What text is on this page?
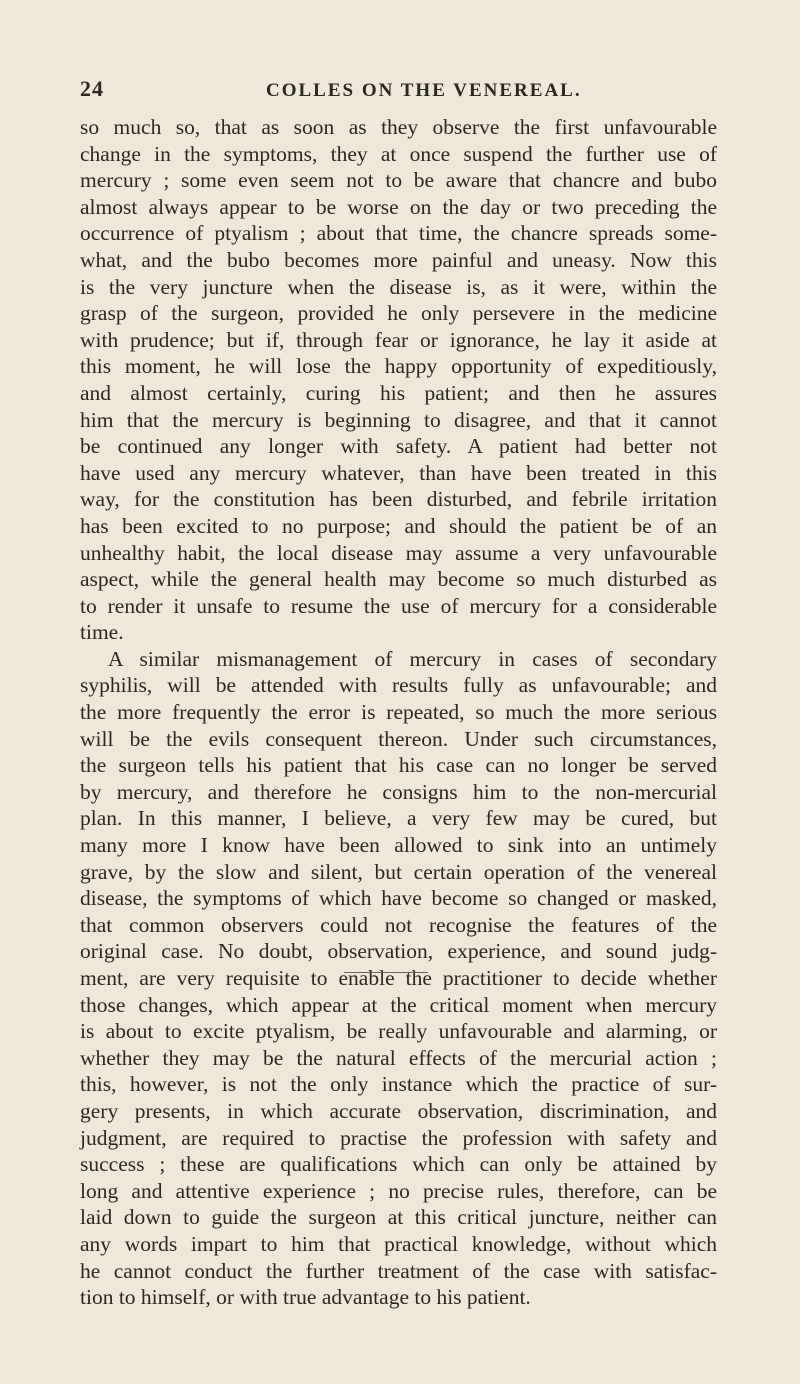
24	COLLES ON THE VENEREAL.
so much so, that as soon as they observe the first unfavourable
change in the symptoms, they at once suspend the further use of
mercury ; some even seem not to be aware that chancre and bubo
almost always appear to be worse on the day or two preceding the
occurrence of ptyalism ; about that time, the chancre spreads some-
what, and the bubo becomes more painful and uneasy. Now this
is the very juncture when the disease is, as it were, within the
grasp of the surgeon, provided he only persevere in the medicine
with prudence; but if, through fear or ignorance, he lay it aside at
this moment, he will lose the happy opportunity of expeditiously,
and almost certainly, curing his patient; and then he assures
him that the mercury is beginning to disagree, and that it cannot
be continued any longer with safety. A patient had better not
have used any mercury whatever, than have been treated in this
way, for the constitution has been disturbed, and febrile irritation
has been excited to no purpose; and should the patient be of an
unhealthy habit, the local disease may assume a very unfavourable
aspect, while the general health may become so much disturbed as
to render it unsafe to resume the use of mercury for a considerable
time.
A similar mismanagement of mercury in cases of secondary
syphilis, will be attended with results fully as unfavourable; and
the more frequently the error is repeated, so much the more serious
will be the evils consequent thereon. Under such circumstances,
the surgeon tells his patient that his case can no longer be served
by mercury, and therefore he consigns him to the non-mercurial
plan. In this manner, I believe, a very few may be cured, but
many more I know have been allowed to sink into an untimely
grave, by the slow and silent, but certain operation of the venereal
disease, the symptoms of which have become so changed or masked,
that common observers could not recognise the features of the
original case. No doubt, observation, experience, and sound judg-
ment, are very requisite to enable the practitioner to decide whether
those changes, which appear at the critical moment when mercury
is about to excite ptyalism, be really unfavourable and alarming, or
whether they may be the natural effects of the mercurial action ;
this, however, is not the only instance which the practice of sur-
gery presents, in which accurate observation, discrimination, and
judgment, are required to practise the profession with safety and
success ; these are qualifications which can only be attained by
long and attentive experience ; no precise rules, therefore, can be
laid down to guide the surgeon at this critical juncture, neither can
any words impart to him that practical knowledge, without which
he cannot conduct the further treatment of the case with satisfac-
tion to himself, or with true advantage to his patient.
